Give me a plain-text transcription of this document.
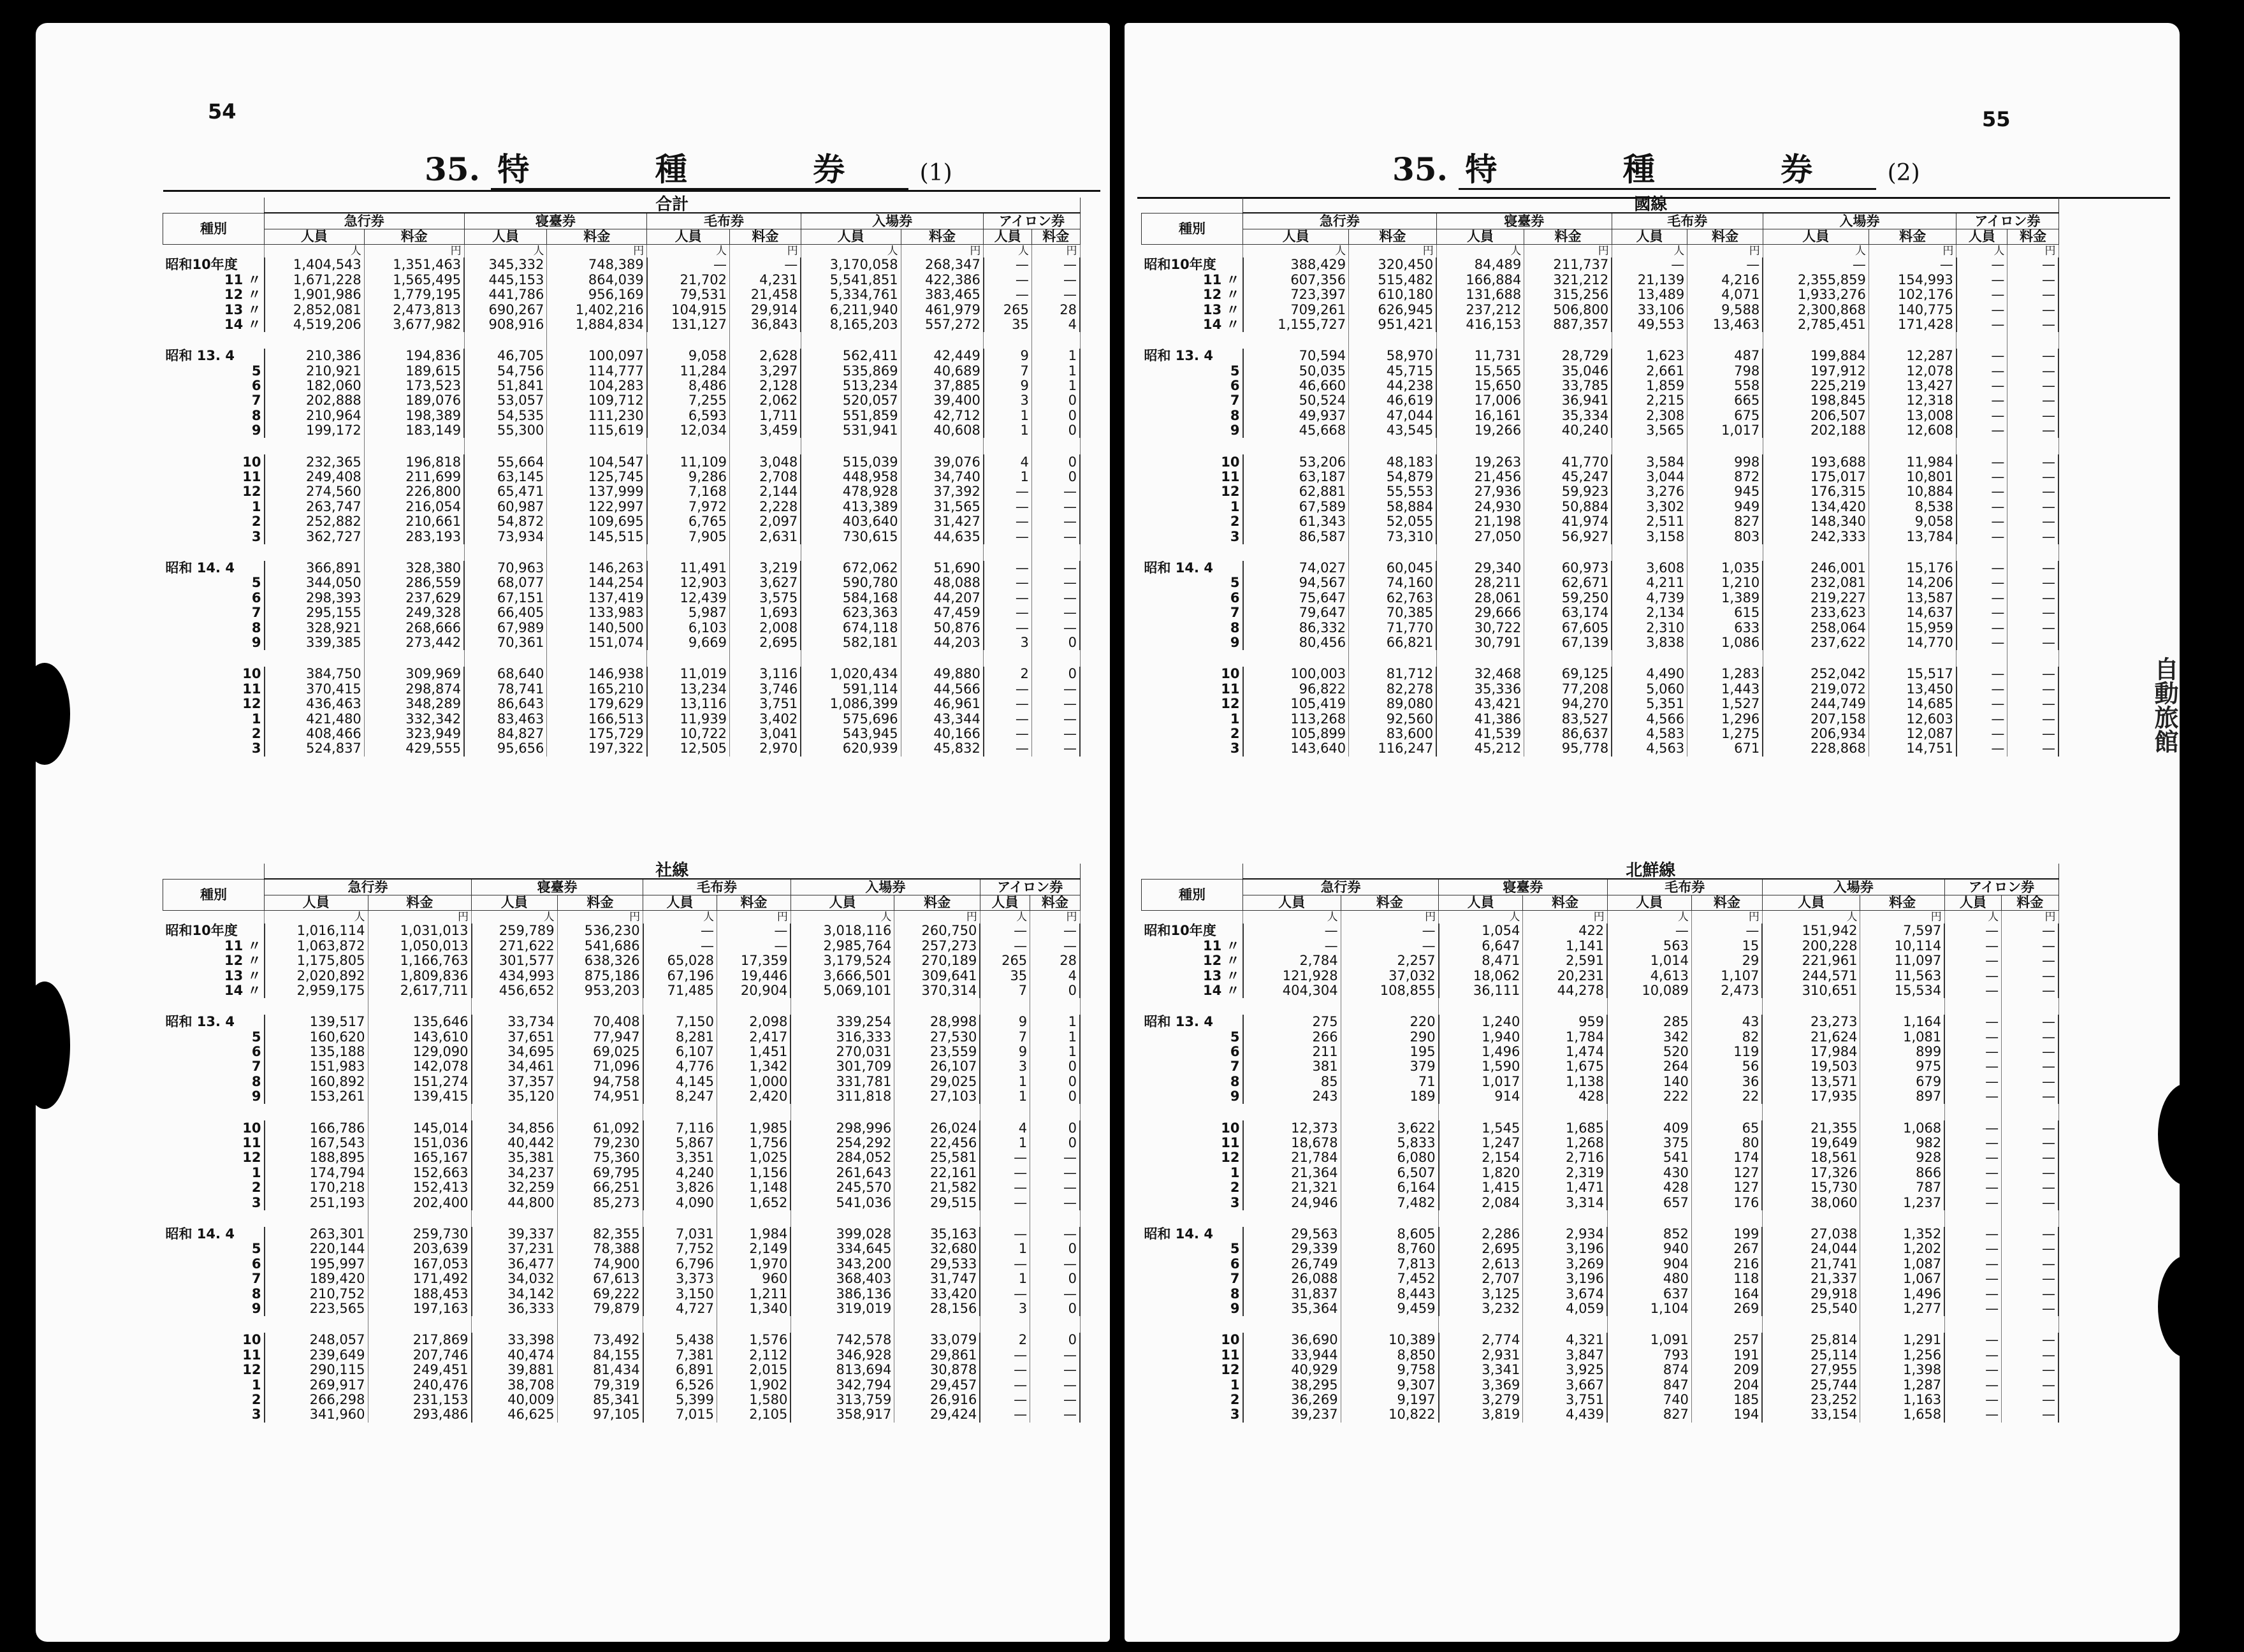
54
35. 特 種 券 (1)
55
35. 特 種 券 (2)
自動旅館
	合計									
種別	急行券		寝臺券		毛布券		入場券		アイロン券	
	人員	料金	人員	料金	人員	料金	人員	料金	人員	料金
	人	円	人	円	人	円	人	円	人	円
昭和10年度	1,404,543	1,351,463	345,332	748,389	—	—	3,170,058	268,347	—	—
11 〃	1,671,228	1,565,495	445,153	864,039	21,702	4,231	5,541,851	422,386	—	—
12 〃	1,901,986	1,779,195	441,786	956,169	79,531	21,458	5,334,761	383,465	—	—
13 〃	2,852,081	2,473,813	690,267	1,402,216	104,915	29,914	6,211,940	461,979	265	28
14 〃	4,519,206	3,677,982	908,916	1,884,834	131,127	36,843	8,165,203	557,272	35	4

昭和 13. 4	210,386	194,836	46,705	100,097	9,058	2,628	562,411	42,449	9	1
5	210,921	189,615	54,756	114,777	11,284	3,297	535,869	40,689	7	1
6	182,060	173,523	51,841	104,283	8,486	2,128	513,234	37,885	9	1
7	202,888	189,076	53,057	109,712	7,255	2,062	520,057	39,400	3	0
8	210,964	198,389	54,535	111,230	6,593	1,711	551,859	42,712	1	0
9	199,172	183,149	55,300	115,619	12,034	3,459	531,941	40,608	1	0

10	232,365	196,818	55,664	104,547	11,109	3,048	515,039	39,076	4	0
11	249,408	211,699	63,145	125,745	9,286	2,708	448,958	34,740	1	0
12	274,560	226,800	65,471	137,999	7,168	2,144	478,928	37,392	—	—
1	263,747	216,054	60,987	122,997	7,972	2,228	413,389	31,565	—	—
2	252,882	210,661	54,872	109,695	6,765	2,097	403,640	31,427	—	—
3	362,727	283,193	73,934	145,515	7,905	2,631	730,615	44,635	—	—

昭和 14. 4	366,891	328,380	70,963	146,263	11,491	3,219	672,062	51,690	—	—
5	344,050	286,559	68,077	144,254	12,903	3,627	590,780	48,088	—	—
6	298,393	237,629	67,151	137,419	12,439	3,575	584,168	44,207	—	—
7	295,155	249,328	66,405	133,983	5,987	1,693	623,363	47,459	—	—
8	328,921	268,666	67,989	140,500	6,103	2,008	674,118	50,876	—	—
9	339,385	273,442	70,361	151,074	9,669	2,695	582,181	44,203	3	0

10	384,750	309,969	68,640	146,938	11,019	3,116	1,020,434	49,880	2	0
11	370,415	298,874	78,741	165,210	13,234	3,746	591,114	44,566	—	—
12	436,463	348,289	86,643	179,629	13,116	3,751	1,086,399	46,961	—	—
1	421,480	332,342	83,463	166,513	11,939	3,402	575,696	43,344	—	—
2	408,466	323,949	84,827	175,729	10,722	3,041	543,945	40,166	—	—
3	524,837	429,555	95,656	197,322	12,505	2,970	620,939	45,832	—	—
	社線									
種別	急行券		寝臺券		毛布券		入場券		アイロン券	
	人員	料金	人員	料金	人員	料金	人員	料金	人員	料金
	人	円	人	円	人	円	人	円	人	円
昭和10年度	1,016,114	1,031,013	259,789	536,230	—	—	3,018,116	260,750	—	—
11 〃	1,063,872	1,050,013	271,622	541,686	—	—	2,985,764	257,273	—	—
12 〃	1,175,805	1,166,763	301,577	638,326	65,028	17,359	3,179,524	270,189	265	28
13 〃	2,020,892	1,809,836	434,993	875,186	67,196	19,446	3,666,501	309,641	35	4
14 〃	2,959,175	2,617,711	456,652	953,203	71,485	20,904	5,069,101	370,314	7	0

昭和 13. 4	139,517	135,646	33,734	70,408	7,150	2,098	339,254	28,998	9	1
5	160,620	143,610	37,651	77,947	8,281	2,417	316,333	27,530	7	1
6	135,188	129,090	34,695	69,025	6,107	1,451	270,031	23,559	9	1
7	151,983	142,078	34,461	71,096	4,776	1,342	301,709	26,107	3	0
8	160,892	151,274	37,357	94,758	4,145	1,000	331,781	29,025	1	0
9	153,261	139,415	35,120	74,951	8,247	2,420	311,818	27,103	1	0

10	166,786	145,014	34,856	61,092	7,116	1,985	298,996	26,024	4	0
11	167,543	151,036	40,442	79,230	5,867	1,756	254,292	22,456	1	0
12	188,895	165,167	35,381	75,360	3,351	1,025	284,052	25,581	—	—
1	174,794	152,663	34,237	69,795	4,240	1,156	261,643	22,161	—	—
2	170,218	152,413	32,259	66,251	3,826	1,148	245,570	21,582	—	—
3	251,193	202,400	44,800	85,273	4,090	1,652	541,036	29,515	—	—

昭和 14. 4	263,301	259,730	39,337	82,355	7,031	1,984	399,028	35,163	—	—
5	220,144	203,639	37,231	78,388	7,752	2,149	334,645	32,680	1	0
6	195,997	167,053	36,477	74,900	6,796	1,970	343,200	29,533	—	—
7	189,420	171,492	34,032	67,613	3,373	960	368,403	31,747	1	0
8	210,752	188,453	34,142	69,222	3,150	1,211	386,136	33,420	—	—
9	223,565	197,163	36,333	79,879	4,727	1,340	319,019	28,156	3	0

10	248,057	217,869	33,398	73,492	5,438	1,576	742,578	33,079	2	0
11	239,649	207,746	40,474	84,155	7,381	2,112	346,928	29,861	—	—
12	290,115	249,451	39,881	81,434	6,891	2,015	813,694	30,878	—	—
1	269,917	240,476	38,708	79,319	6,526	1,902	342,794	29,457	—	—
2	266,298	231,153	40,009	85,341	5,399	1,580	313,759	26,916	—	—
3	341,960	293,486	46,625	97,105	7,015	2,105	358,917	29,424	—	—
	國線									
種別	急行券		寝臺券		毛布券		入場券		アイロン券	
	人員	料金	人員	料金	人員	料金	人員	料金	人員	料金
	人	円	人	円	人	円	人	円	人	円
昭和10年度	388,429	320,450	84,489	211,737	—	—	—	—	—	—
11 〃	607,356	515,482	166,884	321,212	21,139	4,216	2,355,859	154,993	—	—
12 〃	723,397	610,180	131,688	315,256	13,489	4,071	1,933,276	102,176	—	—
13 〃	709,261	626,945	237,212	506,800	33,106	9,588	2,300,868	140,775	—	—
14 〃	1,155,727	951,421	416,153	887,357	49,553	13,463	2,785,451	171,428	—	—

昭和 13. 4	70,594	58,970	11,731	28,729	1,623	487	199,884	12,287	—	—
5	50,035	45,715	15,565	35,046	2,661	798	197,912	12,078	—	—
6	46,660	44,238	15,650	33,785	1,859	558	225,219	13,427	—	—
7	50,524	46,619	17,006	36,941	2,215	665	198,845	12,318	—	—
8	49,937	47,044	16,161	35,334	2,308	675	206,507	13,008	—	—
9	45,668	43,545	19,266	40,240	3,565	1,017	202,188	12,608	—	—

10	53,206	48,183	19,263	41,770	3,584	998	193,688	11,984	—	—
11	63,187	54,879	21,456	45,247	3,044	872	175,017	10,801	—	—
12	62,881	55,553	27,936	59,923	3,276	945	176,315	10,884	—	—
1	67,589	58,884	24,930	50,884	3,302	949	134,420	8,538	—	—
2	61,343	52,055	21,198	41,974	2,511	827	148,340	9,058	—	—
3	86,587	73,310	27,050	56,927	3,158	803	242,333	13,784	—	—

昭和 14. 4	74,027	60,045	29,340	60,973	3,608	1,035	246,001	15,176	—	—
5	94,567	74,160	28,211	62,671	4,211	1,210	232,081	14,206	—	—
6	75,647	62,763	28,061	59,250	4,739	1,389	219,227	13,587	—	—
7	79,647	70,385	29,666	63,174	2,134	615	233,623	14,637	—	—
8	86,332	71,770	30,722	67,605	2,310	633	258,064	15,959	—	—
9	80,456	66,821	30,791	67,139	3,838	1,086	237,622	14,770	—	—

10	100,003	81,712	32,468	69,125	4,490	1,283	252,042	15,517	—	—
11	96,822	82,278	35,336	77,208	5,060	1,443	219,072	13,450	—	—
12	105,419	89,080	43,421	94,270	5,351	1,527	244,749	14,685	—	—
1	113,268	92,560	41,386	83,527	4,566	1,296	207,158	12,603	—	—
2	105,899	83,600	41,539	86,637	4,583	1,275	206,934	12,087	—	—
3	143,640	116,247	45,212	95,778	4,563	671	228,868	14,751	—	—
	北鮮線									
種別	急行券		寝臺券		毛布券		入場券		アイロン券	
	人員	料金	人員	料金	人員	料金	人員	料金	人員	料金
	人	円	人	円	人	円	人	円	人	円
昭和10年度	—	—	1,054	422	—	—	151,942	7,597	—	—
11 〃	—	—	6,647	1,141	563	15	200,228	10,114	—	—
12 〃	2,784	2,257	8,471	2,591	1,014	29	221,961	11,097	—	—
13 〃	121,928	37,032	18,062	20,231	4,613	1,107	244,571	11,563	—	—
14 〃	404,304	108,855	36,111	44,278	10,089	2,473	310,651	15,534	—	—

昭和 13. 4	275	220	1,240	959	285	43	23,273	1,164	—	—
5	266	290	1,940	1,784	342	82	21,624	1,081	—	—
6	211	195	1,496	1,474	520	119	17,984	899	—	—
7	381	379	1,590	1,675	264	56	19,503	975	—	—
8	85	71	1,017	1,138	140	36	13,571	679	—	—
9	243	189	914	428	222	22	17,935	897	—	—

10	12,373	3,622	1,545	1,685	409	65	21,355	1,068	—	—
11	18,678	5,833	1,247	1,268	375	80	19,649	982	—	—
12	21,784	6,080	2,154	2,716	541	174	18,561	928	—	—
1	21,364	6,507	1,820	2,319	430	127	17,326	866	—	—
2	21,321	6,164	1,415	1,471	428	127	15,730	787	—	—
3	24,946	7,482	2,084	3,314	657	176	38,060	1,237	—	—

昭和 14. 4	29,563	8,605	2,286	2,934	852	199	27,038	1,352	—	—
5	29,339	8,760	2,695	3,196	940	267	24,044	1,202	—	—
6	26,749	7,813	2,613	3,269	904	216	21,741	1,087	—	—
7	26,088	7,452	2,707	3,196	480	118	21,337	1,067	—	—
8	31,837	8,443	3,125	3,674	637	164	29,918	1,496	—	—
9	35,364	9,459	3,232	4,059	1,104	269	25,540	1,277	—	—

10	36,690	10,389	2,774	4,321	1,091	257	25,814	1,291	—	—
11	33,944	8,850	2,931	3,847	793	191	25,114	1,256	—	—
12	40,929	9,758	3,341	3,925	874	209	27,955	1,398	—	—
1	38,295	9,307	3,369	3,667	847	204	25,744	1,287	—	—
2	36,269	9,197	3,279	3,751	740	185	23,252	1,163	—	—
3	39,237	10,822	3,819	4,439	827	194	33,154	1,658	—	—
